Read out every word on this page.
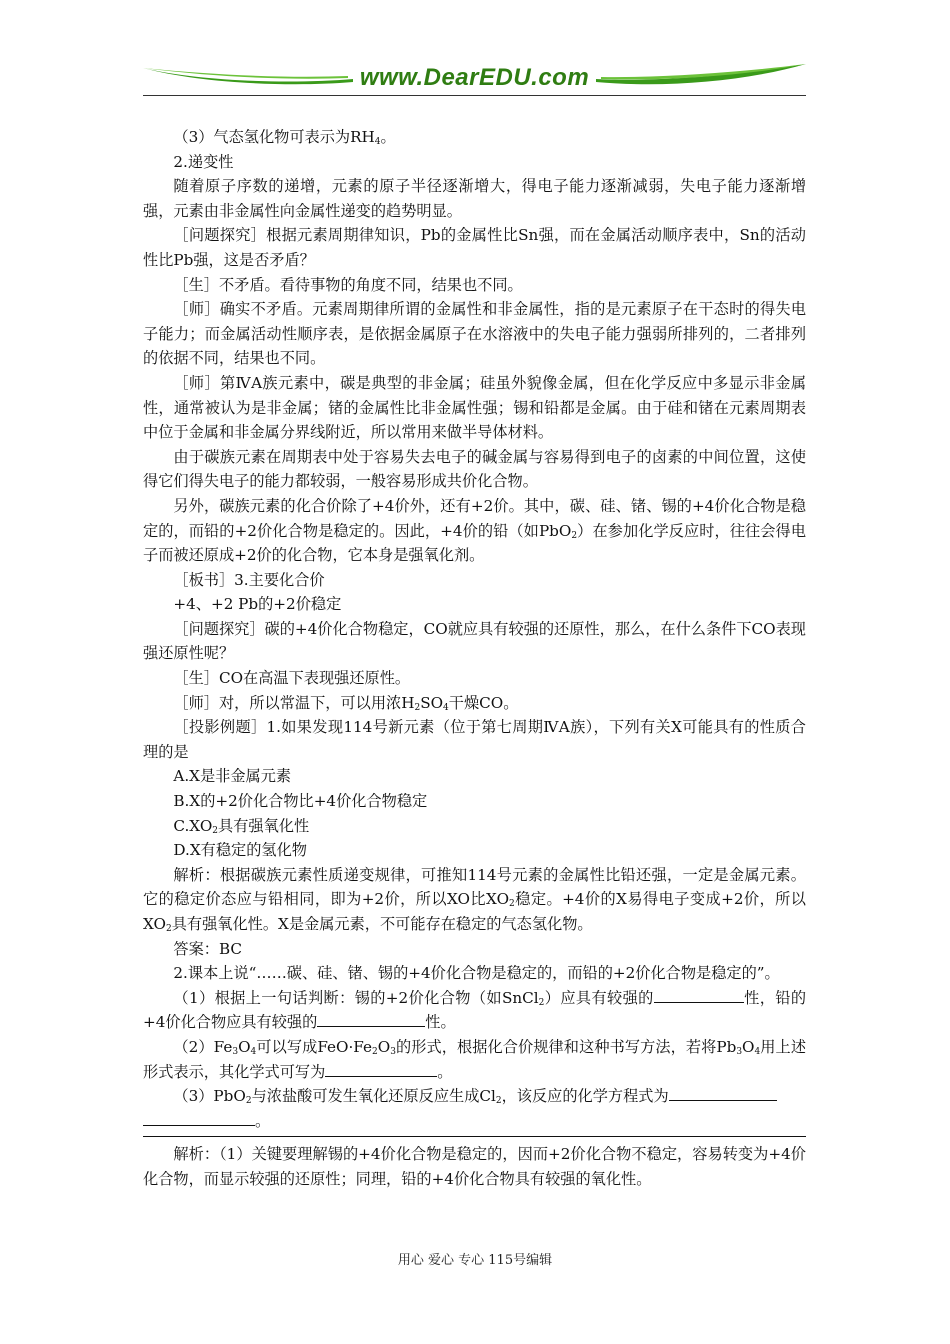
www.DearEDU.com

（3）气态氢化物可表示为$RH_4$。

2.递变性

随着原子序数的递增，元素的原子半径逐渐增大，得电子能力逐渐减弱，失电子能力逐渐增强，元素由非金属性向金属性递变的趋势明显。

［问题探究］根据元素周期律知识，Pb的金属性比Sn强，而在金属活动顺序表中，Sn的活动性比Pb强，这是否矛盾？

［生］不矛盾。看待事物的角度不同，结果也不同。

［师］确实不矛盾。元素周期律所谓的金属性和非金属性，指的是元素原子在干态时的得失电子能力；而金属活动性顺序表，是依据金属原子在水溶液中的失电子能力强弱所排列的，二者排列的依据不同，结果也不同。

［师］第ⅣA族元素中，碳是典型的非金属；硅虽外貌像金属，但在化学反应中多显示非金属性，通常被认为是非金属；锗的金属性比非金属性强；锡和铅都是金属。由于硅和锗在元素周期表中位于金属和非金属分界线附近，所以常用来做半导体材料。

由于碳族元素在周期表中处于容易失去电子的碱金属与容易得到电子的卤素的中间位置，这使得它们得失电子的能力都较弱，一般容易形成共价化合物。

另外，碳族元素的化合价除了+4价外，还有+2价。其中，碳、硅、锗、锡的+4价化合物是稳定的，而铅的+2价化合物是稳定的。因此，+4价的铅（如PbO$_2$）在参加化学反应时，往往会得电子而被还原成+2价的化合物，它本身是强氧化剂。

［板书］3.主要化合价

+4、+2 Pb的+2价稳定

［问题探究］碳的+4价化合物稳定，CO就应具有较强的还原性，那么，在什么条件下CO表现强还原性呢？

［生］CO在高温下表现强还原性。

［师］对，所以常温下，可以用浓$H_2SO_4$干燥CO。

［投影例题］1.如果发现114号新元素（位于第七周期ⅣA族），下列有关X可能具有的性质合理的是

A.X是非金属元素

B.X的+2价化合物比+4价化合物稳定

$C.XO_2$具有强氧化性

D.X有稳定的氢化物

解析：根据碳族元素性质递变规律，可推知114号元素的金属性比铅还强，一定是金属元素。它的稳定价态应与铅相同，即为+2价，所以XO比$XO_2$稳定。+4价的X易得电子变成+2价，所以$XO_2$具有强氧化性。X是金属元素，不可能存在稳定的气态氢化物。

答案：BC

2.课本上说“……碳、硅、锗、锡的+4价化合物是稳定的，而铅的+2价化合物是稳定的”。

（1）根据上一句话判断：锡的+2价化合物（如SnCl$_2$）应具有较强的	性，铅的+4价化合物应具有较强的	性。

$(2)Fe_3O_4$可以写成$FeO\cdot Fe_2O_3$的形式，根据化合价规律和这种书写方法，若将$Pb_3O_4$用上述形式表示，其化学式可写为	。

（3）PbO$_2$与浓盐酸可发生氧化还原反应生成$Cl_2$，该反应的化学方程式为

。

解析：（1）关键要理解锡的+4价化合物是稳定的，因而+2价化合物不稳定，容易转变为+4价化合物，而显示较强的还原性；同理，铅的+4价化合物具有较强的氧化性。

用心 爱心 专心 115号编辑
